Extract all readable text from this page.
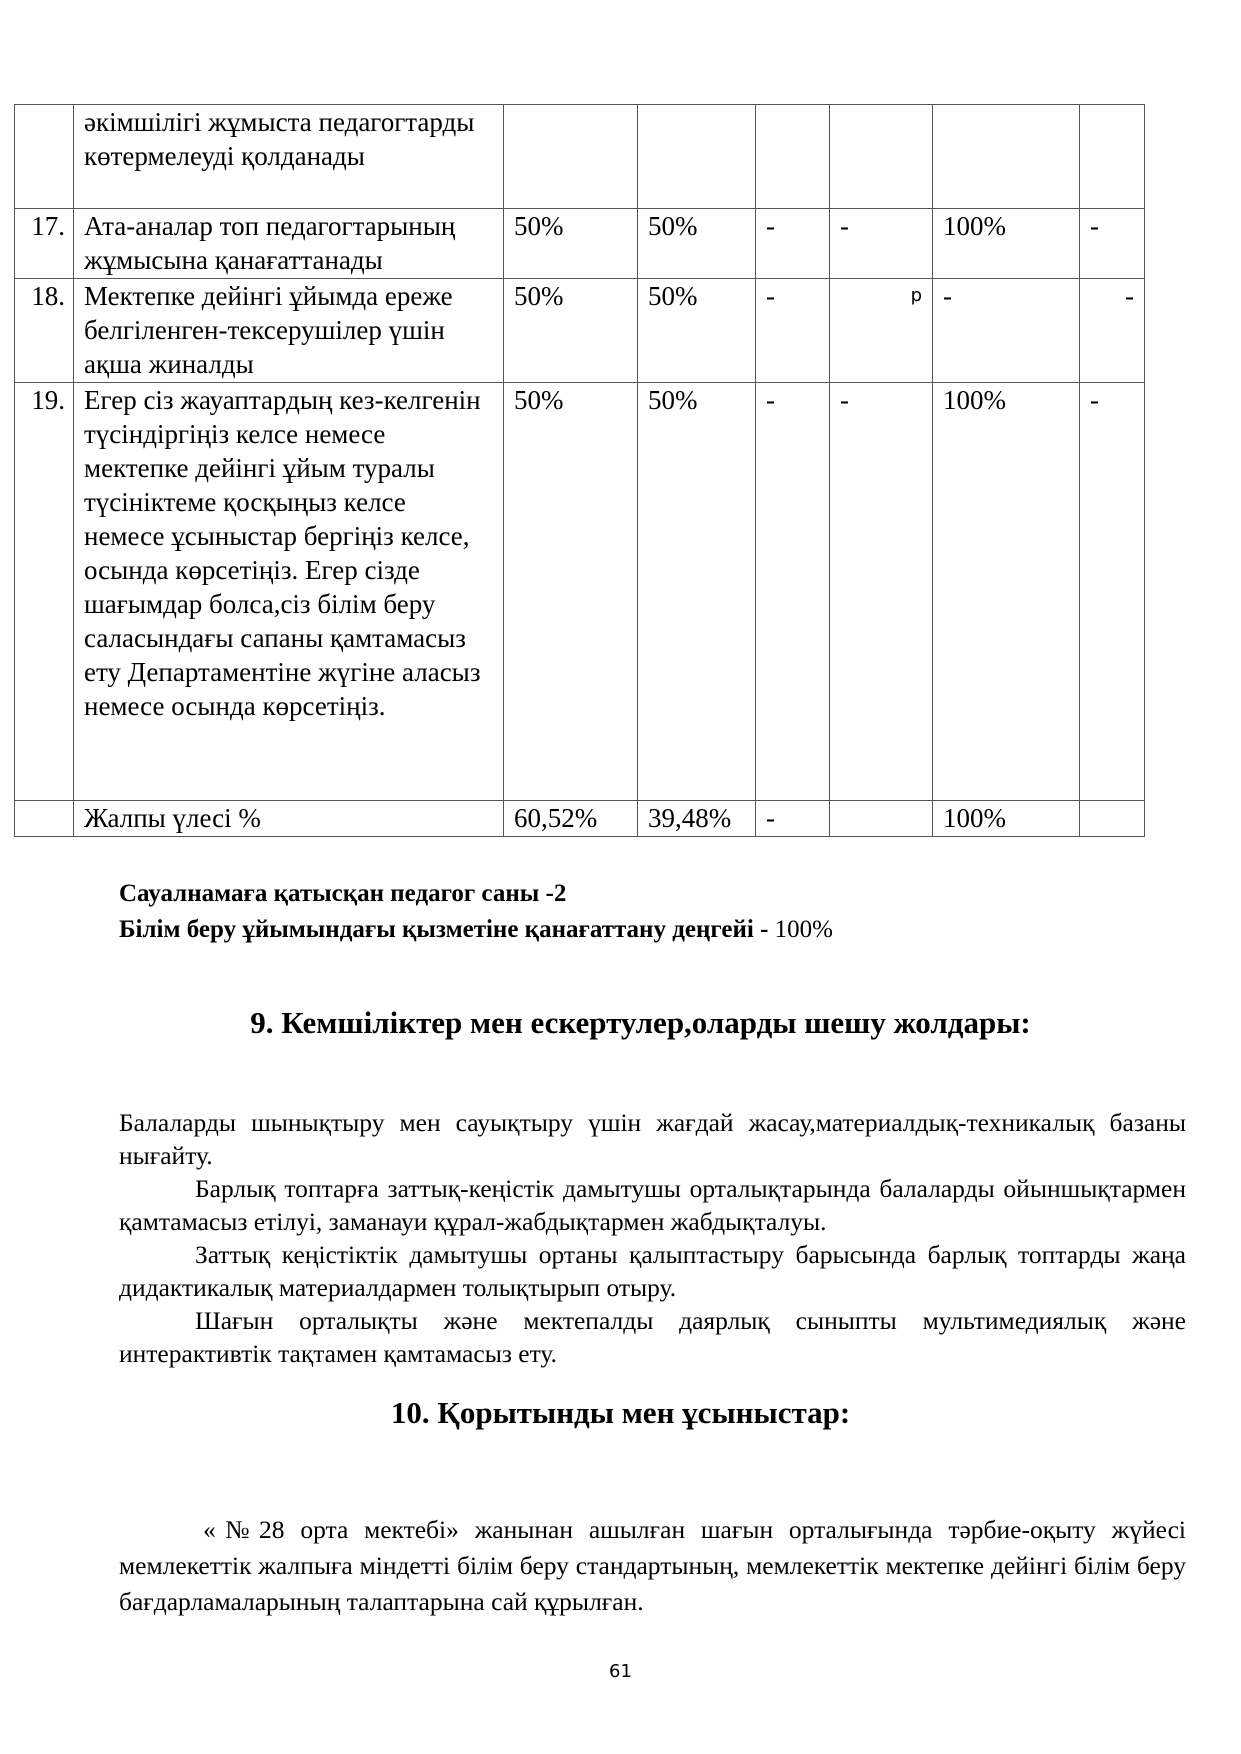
	әкімшілігі жұмыста педагогтарды көтермелеуді қолданады						
17.	Ата-аналар топ педагогтарының жұмысына қанағаттанады	50%	50%	-	-	100%	-
18.	Мектепке дейінгі ұйымда ереже белгіленген-тексерушілер үшін ақша жиналды	50%	50%	-	р	-	-
19.	Егер сіз жауаптардың кез-келгенін түсіндіргіңіз келсе немесе мектепке дейінгі ұйым туралы түсініктеме қосқыңыз келсе немесе ұсыныстар бергіңіз келсе, осында көрсетіңіз. Егер сізде шағымдар болса,сіз білім беру саласындағы сапаны қамтамасыз ету Департаментіне жүгіне аласыз немесе осында көрсетіңіз.	50%	50%	-	-	100%	-
	Жалпы үлесі %	60,52%	39,48%	-		100%	
Сауалнамаға қатысқан педагог саны -2
Білім беру ұйымындағы қызметіне қанағаттану деңгейі - 100%
9. Кемшіліктер мен ескертулер,оларды шешу жолдары:
Балаларды шынықтыру мен сауықтыру үшін жағдай жасау,материалдық-техникалық базаны нығайту.
Барлық топтарға заттық-кеңістік дамытушы орталықтарында балаларды ойыншықтармен қамтамасыз етілуі, заманауи құрал-жабдықтармен жабдықталуы.
Заттық кеңістіктік дамытушы ортаны қалыптастыру барысында барлық топтарды жаңа дидактикалық материалдармен толықтырып отыру.
Шағын орталықты және мектепалды даярлық сыныпты мультимедиялық және интерактивтік тақтамен қамтамасыз ету.
10. Қорытынды мен ұсыныстар:
«№28 орта мектебі» жанынан ашылған шағын орталығында тәрбие-оқыту жүйесі мемлекеттік жалпыға міндетті білім беру стандартының, мемлекеттік мектепке дейінгі білім беру бағдарламаларының талаптарына сай құрылған.
61
